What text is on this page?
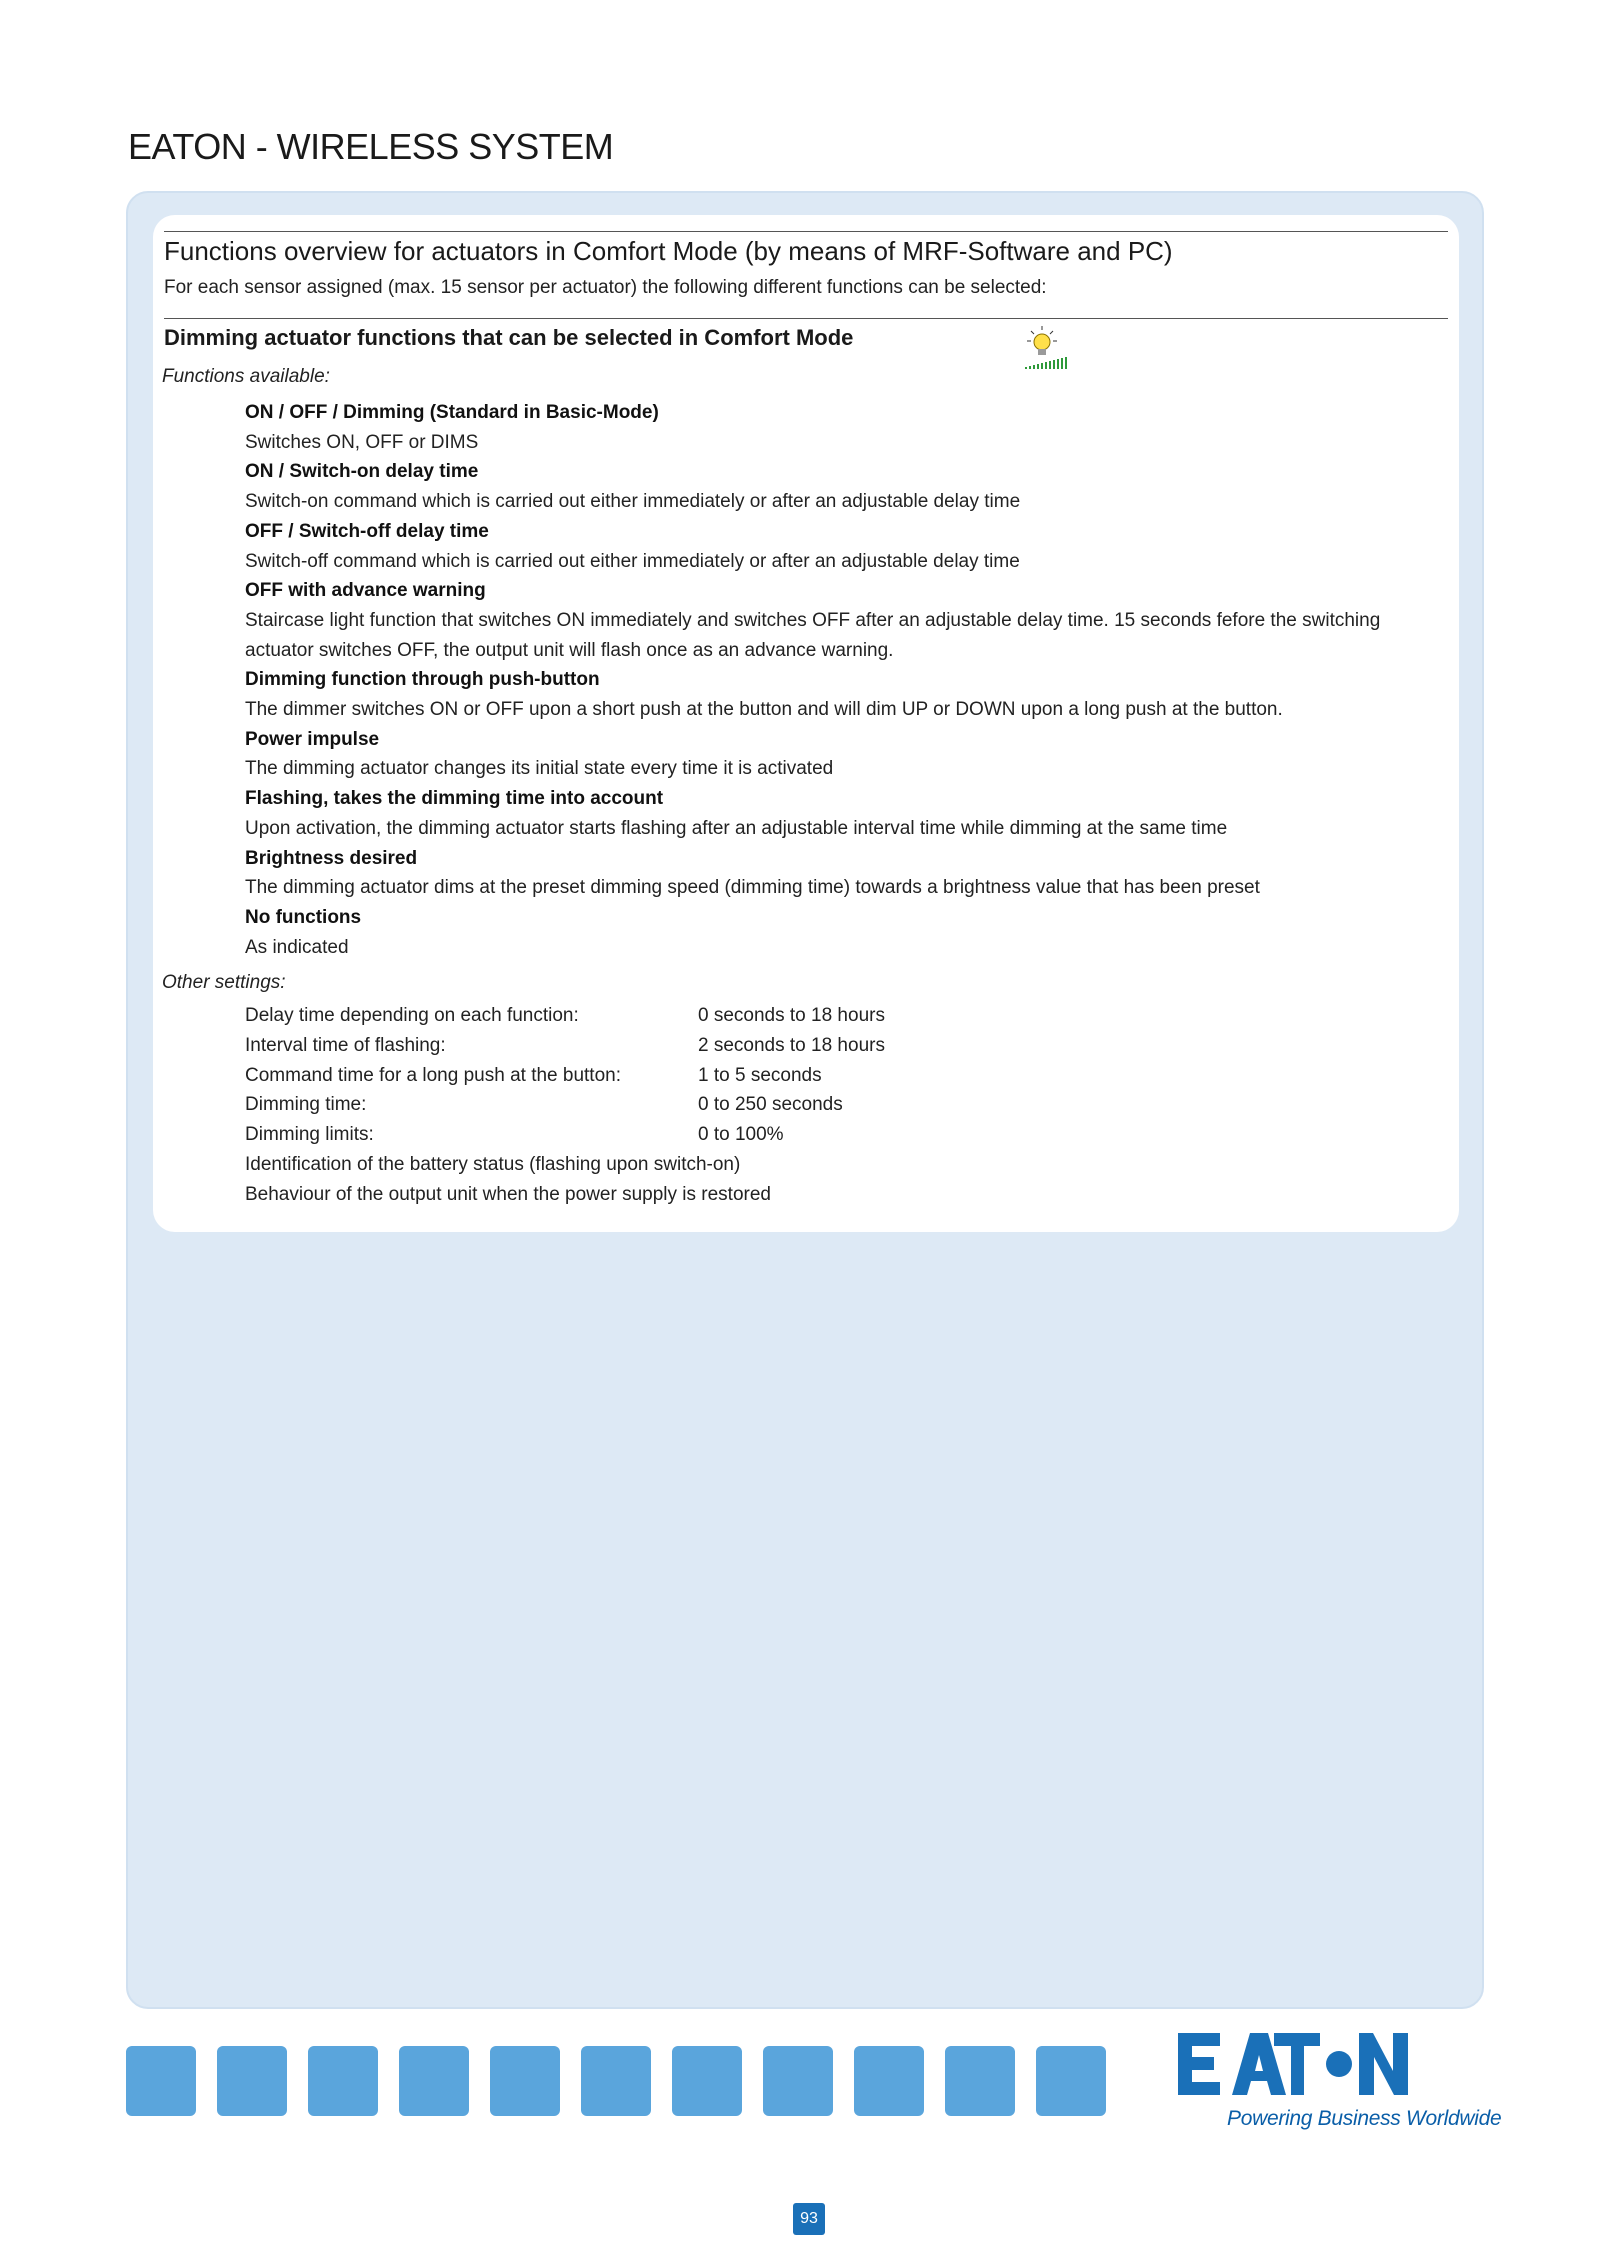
EATON - WIRELESS SYSTEM
Functions overview for actuators in Comfort Mode (by means of MRF-Software and PC)
For each sensor assigned (max. 15 sensor per actuator) the following different functions can be selected:
Dimming actuator functions that can be selected in Comfort Mode
Functions available:
ON / OFF / Dimming (Standard in Basic-Mode)
Switches ON, OFF or DIMS
ON / Switch-on delay time
Switch-on command which is carried out either immediately or after an adjustable delay time
OFF / Switch-off delay time
Switch-off command which is carried out either immediately or after an adjustable delay time
OFF with advance warning
Staircase light function that switches ON immediately and switches OFF after an adjustable delay time. 15 seconds fefore the switching actuator switches OFF, the output unit will flash once as an advance warning.
Dimming function through push-button
The dimmer switches ON or OFF upon a short push at the button and will dim UP or DOWN upon a long push at the button.
Power impulse
The dimming actuator changes its initial state every time it is activated
Flashing, takes the dimming time into account
Upon activation, the dimming actuator starts flashing after an adjustable interval time while dimming at the same time
Brightness desired
The dimming actuator dims at the preset dimming speed (dimming time) towards a brightness value that has been preset
No functions
As indicated
Other settings:
Delay time depending on each function:	0 seconds to 18 hours
Interval time of flashing:	2 seconds to 18 hours
Command time for a long push at the button:	1 to 5 seconds
Dimming time:	0 to 250 seconds
Dimming limits:	0 to 100%
Identification of the battery status (flashing upon switch-on)
Behaviour of the output unit when the power supply is restored
Powering Business Worldwide
93
